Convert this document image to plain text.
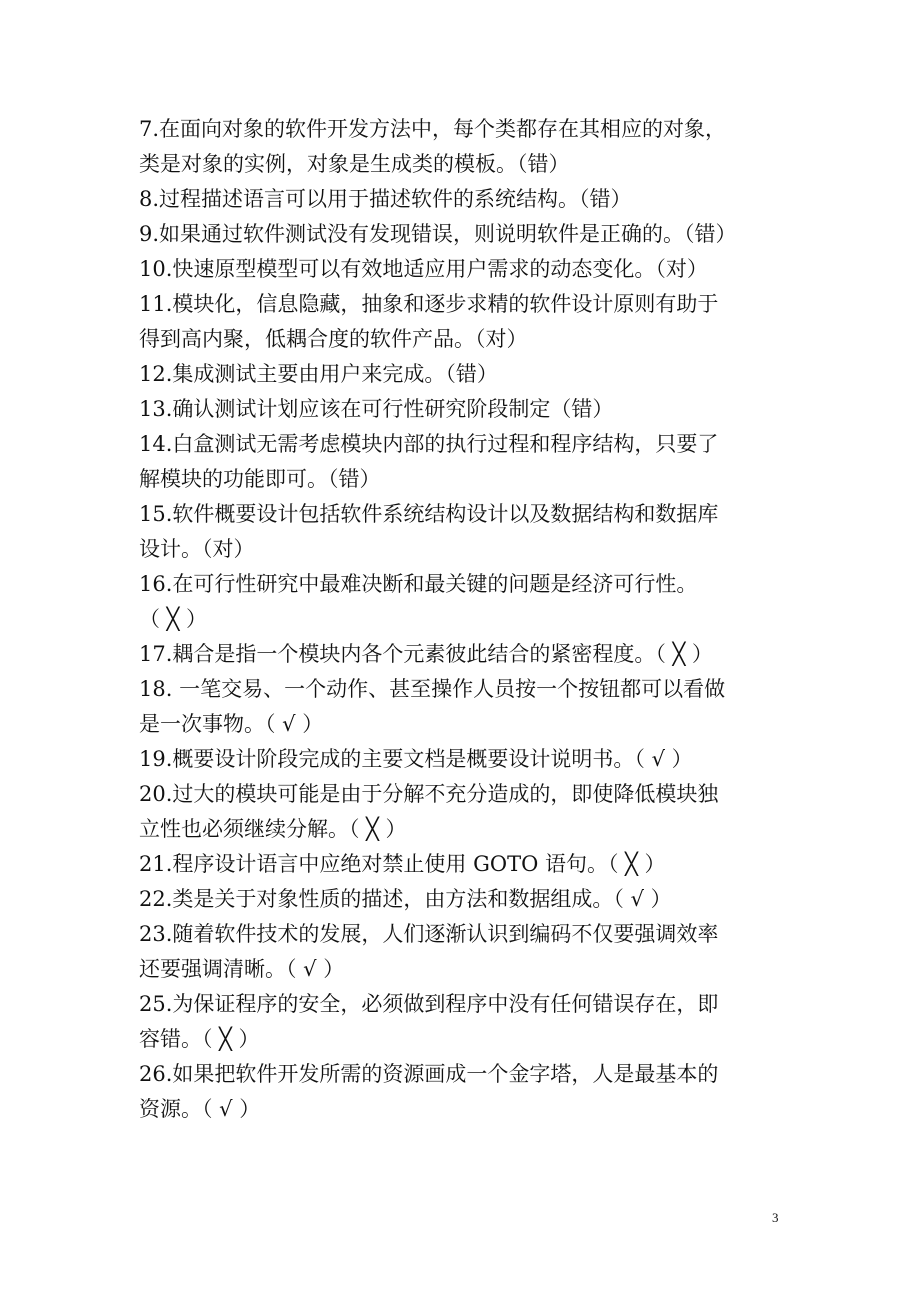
7.在面向对象的软件开发方法中，每个类都存在其相应的对象，
类是对象的实例，对象是生成类的模板。（错）
8.过程描述语言可以用于描述软件的系统结构。（错）
9.如果通过软件测试没有发现错误，则说明软件是正确的。（错）
10.快速原型模型可以有效地适应用户需求的动态变化。（对）
11.模块化，信息隐藏，抽象和逐步求精的软件设计原则有助于
得到高内聚，低耦合度的软件产品。（对）
12.集成测试主要由用户来完成。（错）
13.确认测试计划应该在可行性研究阶段制定（错）
14.白盒测试无需考虑模块内部的执行过程和程序结构，只要了
解模块的功能即可。（错）
15.软件概要设计包括软件系统结构设计以及数据结构和数据库
设计。（对）
16.在可行性研究中最难决断和最关键的问题是经济可行性。
（ ╳ ）
17.耦合是指一个模块内各个元素彼此结合的紧密程度。（ ╳ ）
18. 一笔交易、一个动作、甚至操作人员按一个按钮都可以看做
是一次事物。（ √ ）
19.概要设计阶段完成的主要文档是概要设计说明书。（ √ ）
20.过大的模块可能是由于分解不充分造成的，即使降低模块独
立性也必须继续分解。（ ╳ ）
21.程序设计语言中应绝对禁止使用 GOTO 语句。（ ╳ ）
22.类是关于对象性质的描述，由方法和数据组成。（ √ ）
23.随着软件技术的发展，人们逐渐认识到编码不仅要强调效率
还要强调清晰。（ √ ）
25.为保证程序的安全，必须做到程序中没有任何错误存在，即
容错。（ ╳ ）
26.如果把软件开发所需的资源画成一个金字塔，人是最基本的
资源。（ √ ）
3
